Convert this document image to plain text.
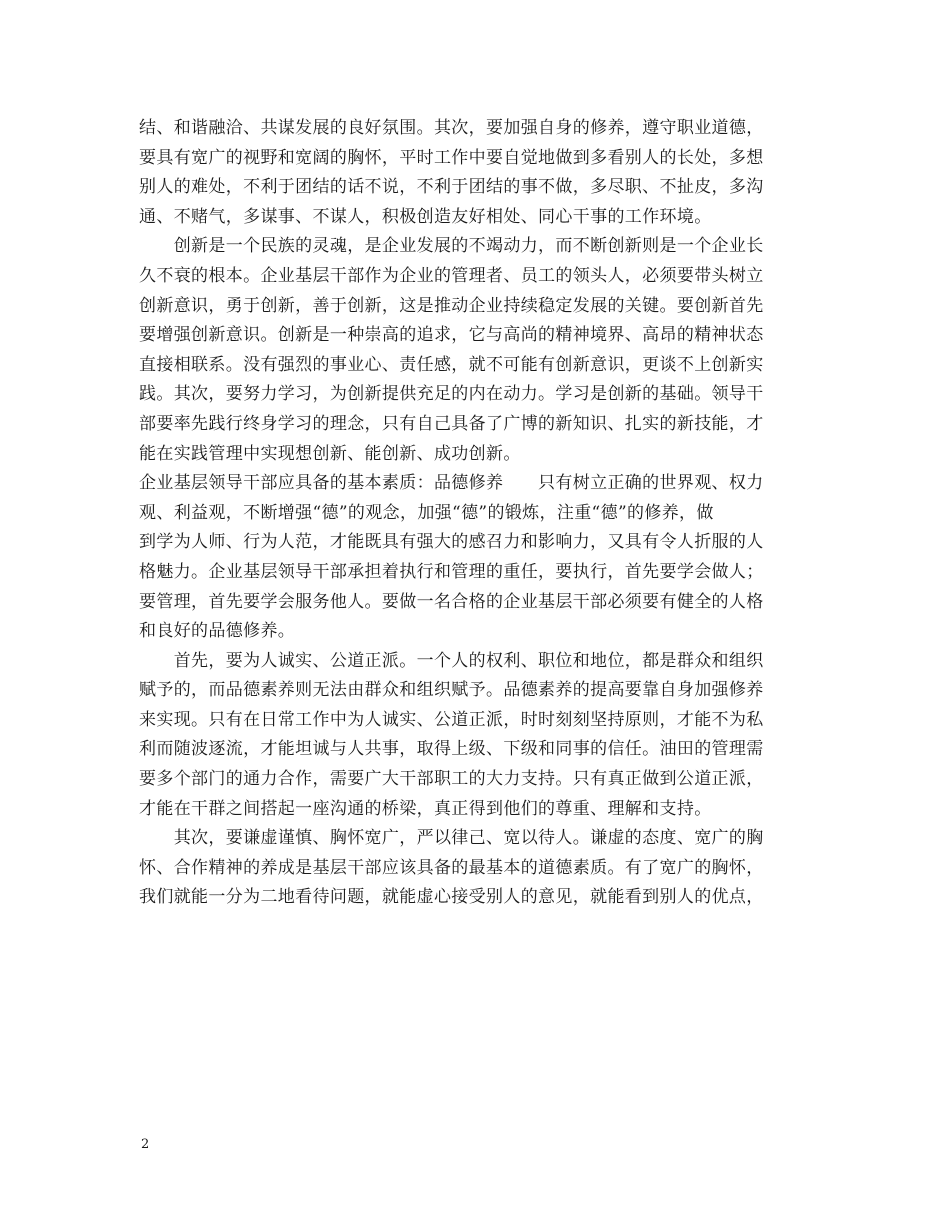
结、和谐融洽、共谋发展的良好氛围。其次，要加强自身的修养，遵守职业道德，
要具有宽广的视野和宽阔的胸怀，平时工作中要自觉地做到多看别人的长处，多想
别人的难处，不利于团结的话不说，不利于团结的事不做，多尽职、不扯皮，多沟
通、不赌气，多谋事、不谋人，积极创造友好相处、同心干事的工作环境。
　　创新是一个民族的灵魂，是企业发展的不竭动力，而不断创新则是一个企业长
久不衰的根本。企业基层干部作为企业的管理者、员工的领头人，必须要带头树立
创新意识，勇于创新，善于创新，这是推动企业持续稳定发展的关键。要创新首先
要增强创新意识。创新是一种崇高的追求，它与高尚的精神境界、高昂的精神状态
直接相联系。没有强烈的事业心、责任感，就不可能有创新意识，更谈不上创新实
践。其次，要努力学习，为创新提供充足的内在动力。学习是创新的基础。领导干
部要率先践行终身学习的理念，只有自己具备了广博的新知识、扎实的新技能，才
能在实践管理中实现想创新、能创新、成功创新。
企业基层领导干部应具备的基本素质：品德修养　　只有树立正确的世界观、权力
观、利益观，不断增强“德”的观念，加强“德”的锻炼，注重“德”的修养，做
到学为人师、行为人范，才能既具有强大的感召力和影响力，又具有令人折服的人
格魅力。企业基层领导干部承担着执行和管理的重任，要执行，首先要学会做人；
要管理，首先要学会服务他人。要做一名合格的企业基层干部必须要有健全的人格
和良好的品德修养。
　　首先，要为人诚实、公道正派。一个人的权利、职位和地位，都是群众和组织
赋予的，而品德素养则无法由群众和组织赋予。品德素养的提高要靠自身加强修养
来实现。只有在日常工作中为人诚实、公道正派，时时刻刻坚持原则，才能不为私
利而随波逐流，才能坦诚与人共事，取得上级、下级和同事的信任。油田的管理需
要多个部门的通力合作，需要广大干部职工的大力支持。只有真正做到公道正派，
才能在干群之间搭起一座沟通的桥梁，真正得到他们的尊重、理解和支持。
　　其次，要谦虚谨慎、胸怀宽广，严以律己、宽以待人。谦虚的态度、宽广的胸
怀、合作精神的养成是基层干部应该具备的最基本的道德素质。有了宽广的胸怀，
我们就能一分为二地看待问题，就能虚心接受别人的意见，就能看到别人的优点，
2
